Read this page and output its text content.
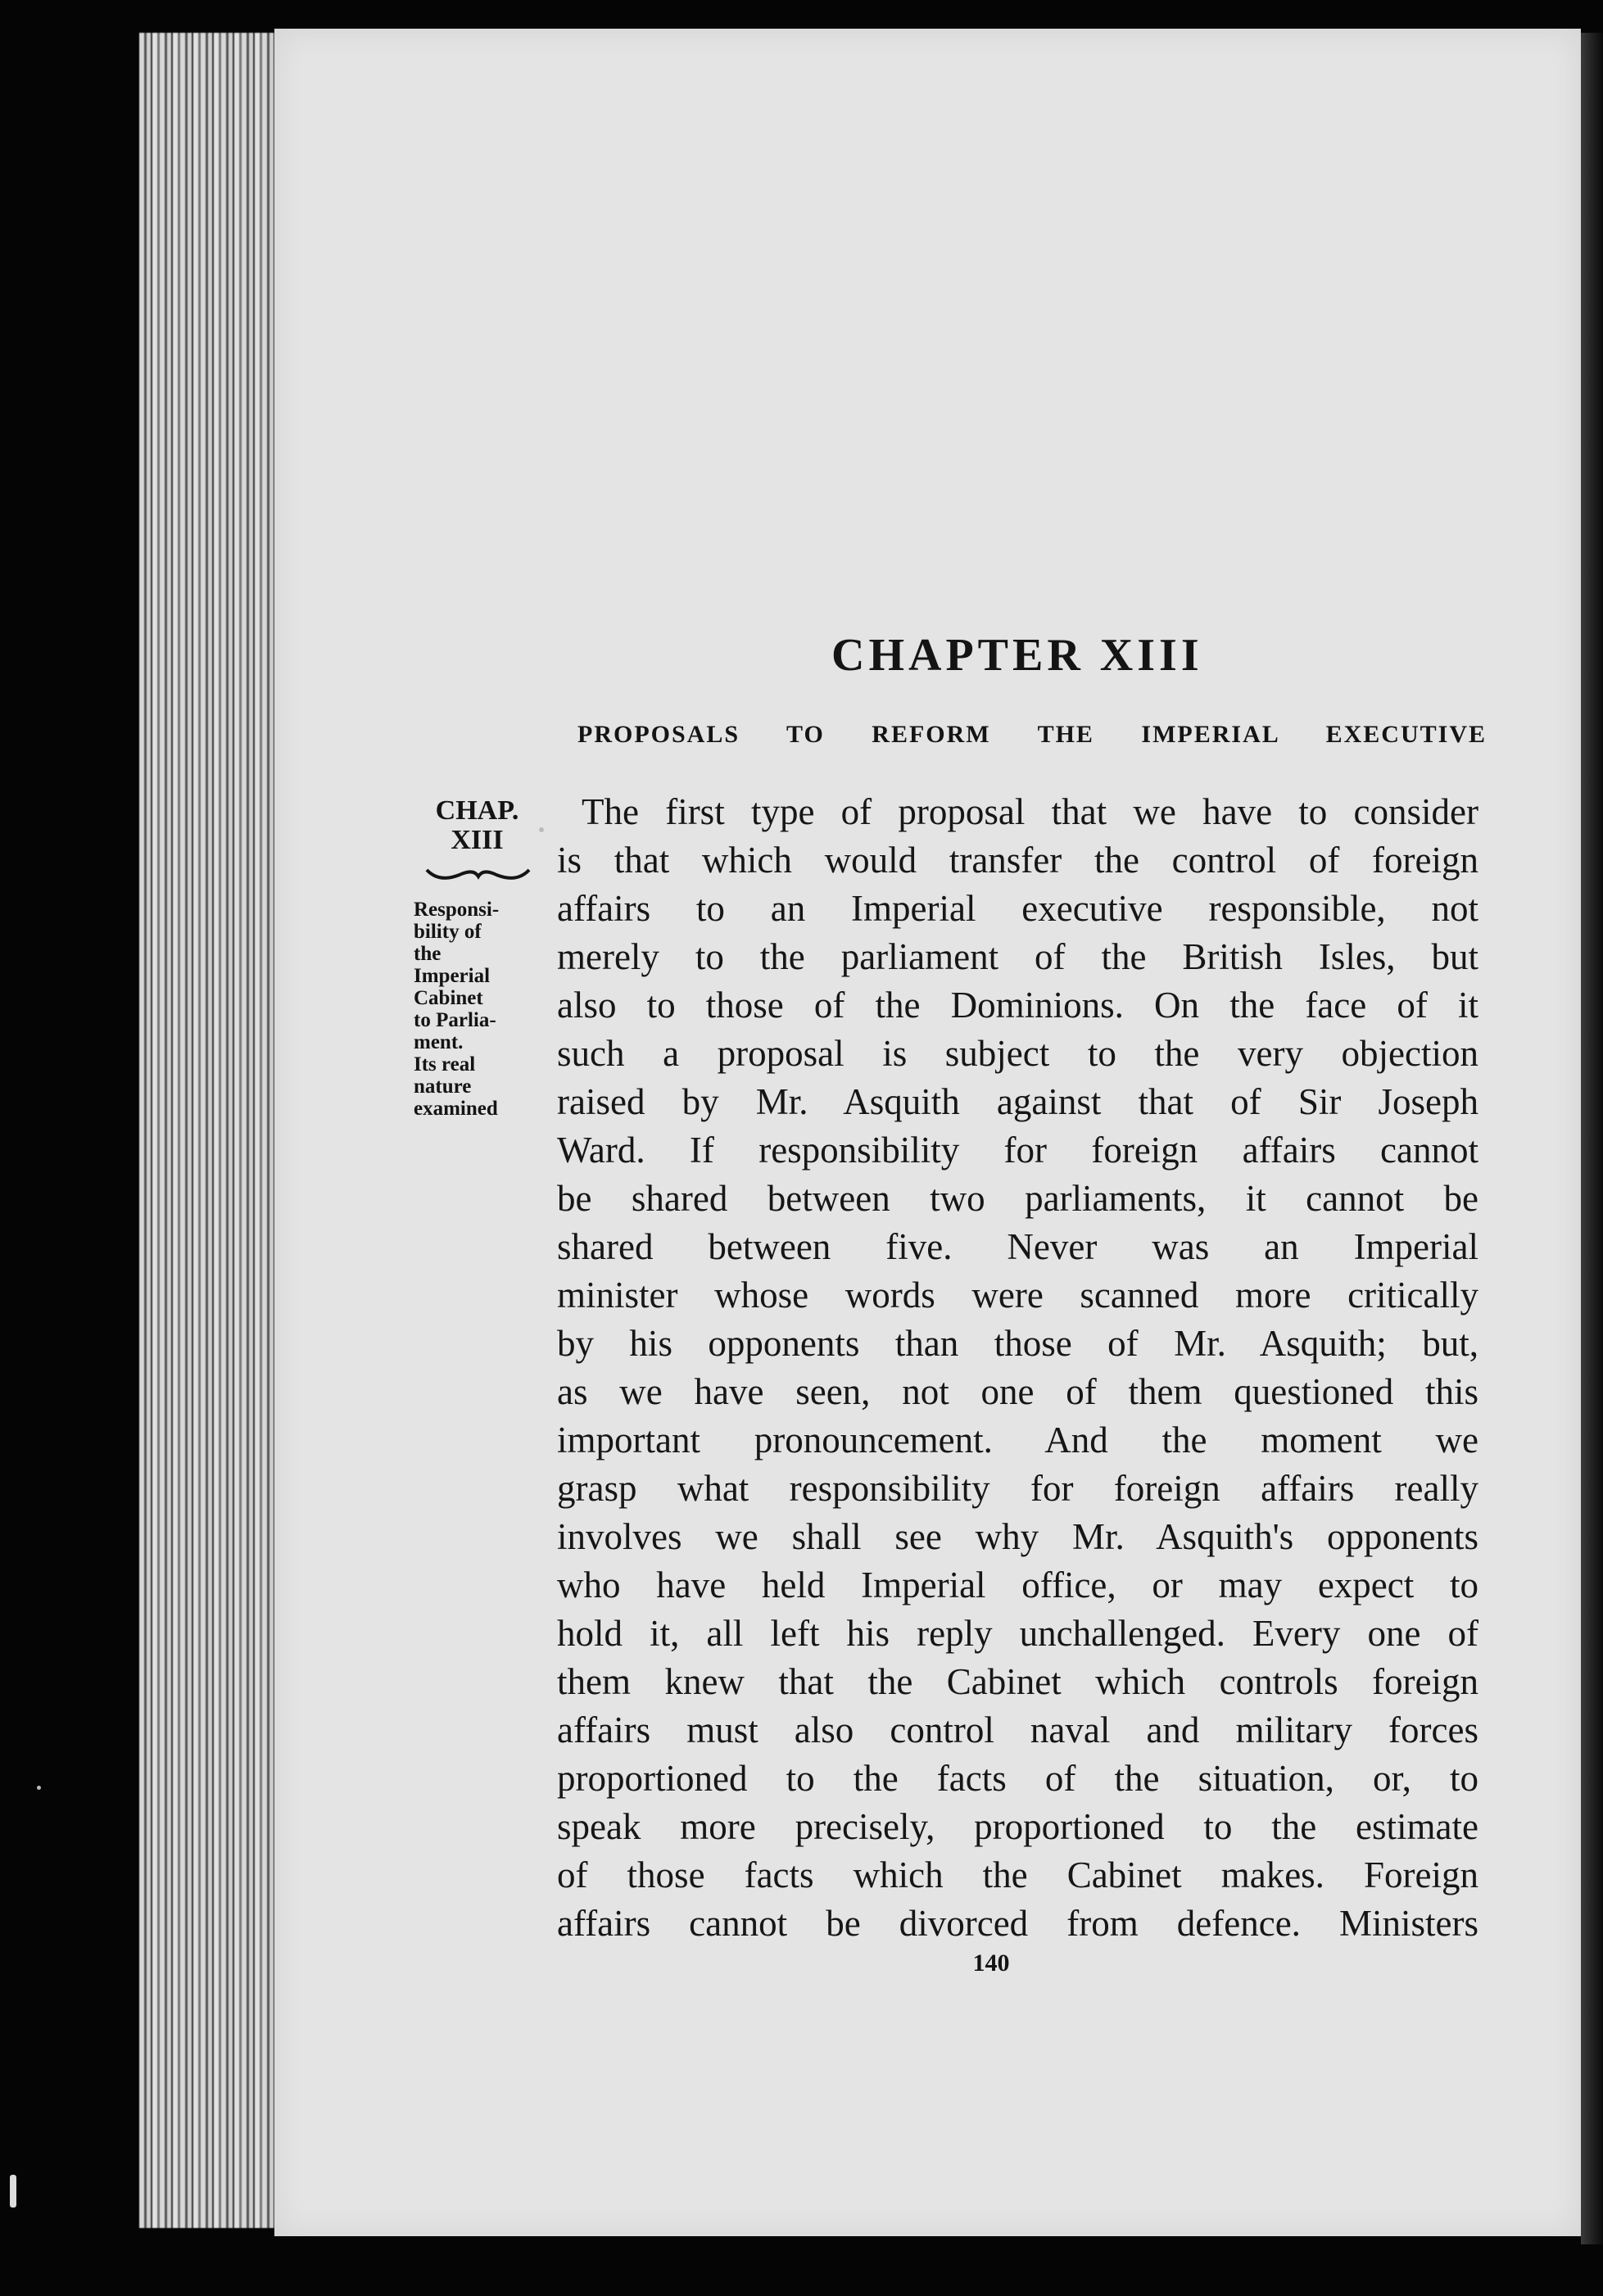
CHAPTER XIII
PROPOSALS TO REFORM THE IMPERIAL EXECUTIVE
CHAP.
XIII
Responsi-
bility of
the
Imperial
Cabinet
to Parlia-
ment.
Its real
nature
examined
The first type of proposal that we have to consider
is that which would transfer the control of foreign
affairs to an Imperial executive responsible, not
merely to the parliament of the British Isles, but
also to those of the Dominions. On the face of it
such a proposal is subject to the very objection
raised by Mr. Asquith against that of Sir Joseph
Ward. If responsibility for foreign affairs cannot
be shared between two parliaments, it cannot be
shared between five. Never was an Imperial
minister whose words were scanned more critically
by his opponents than those of Mr. Asquith; but,
as we have seen, not one of them questioned this
important pronouncement. And the moment we
grasp what responsibility for foreign affairs really
involves we shall see why Mr. Asquith's opponents
who have held Imperial office, or may expect to
hold it, all left his reply unchallenged. Every one of
them knew that the Cabinet which controls foreign
affairs must also control naval and military forces
proportioned to the facts of the situation, or, to
speak more precisely, proportioned to the estimate
of those facts which the Cabinet makes. Foreign
affairs cannot be divorced from defence. Ministers
140
